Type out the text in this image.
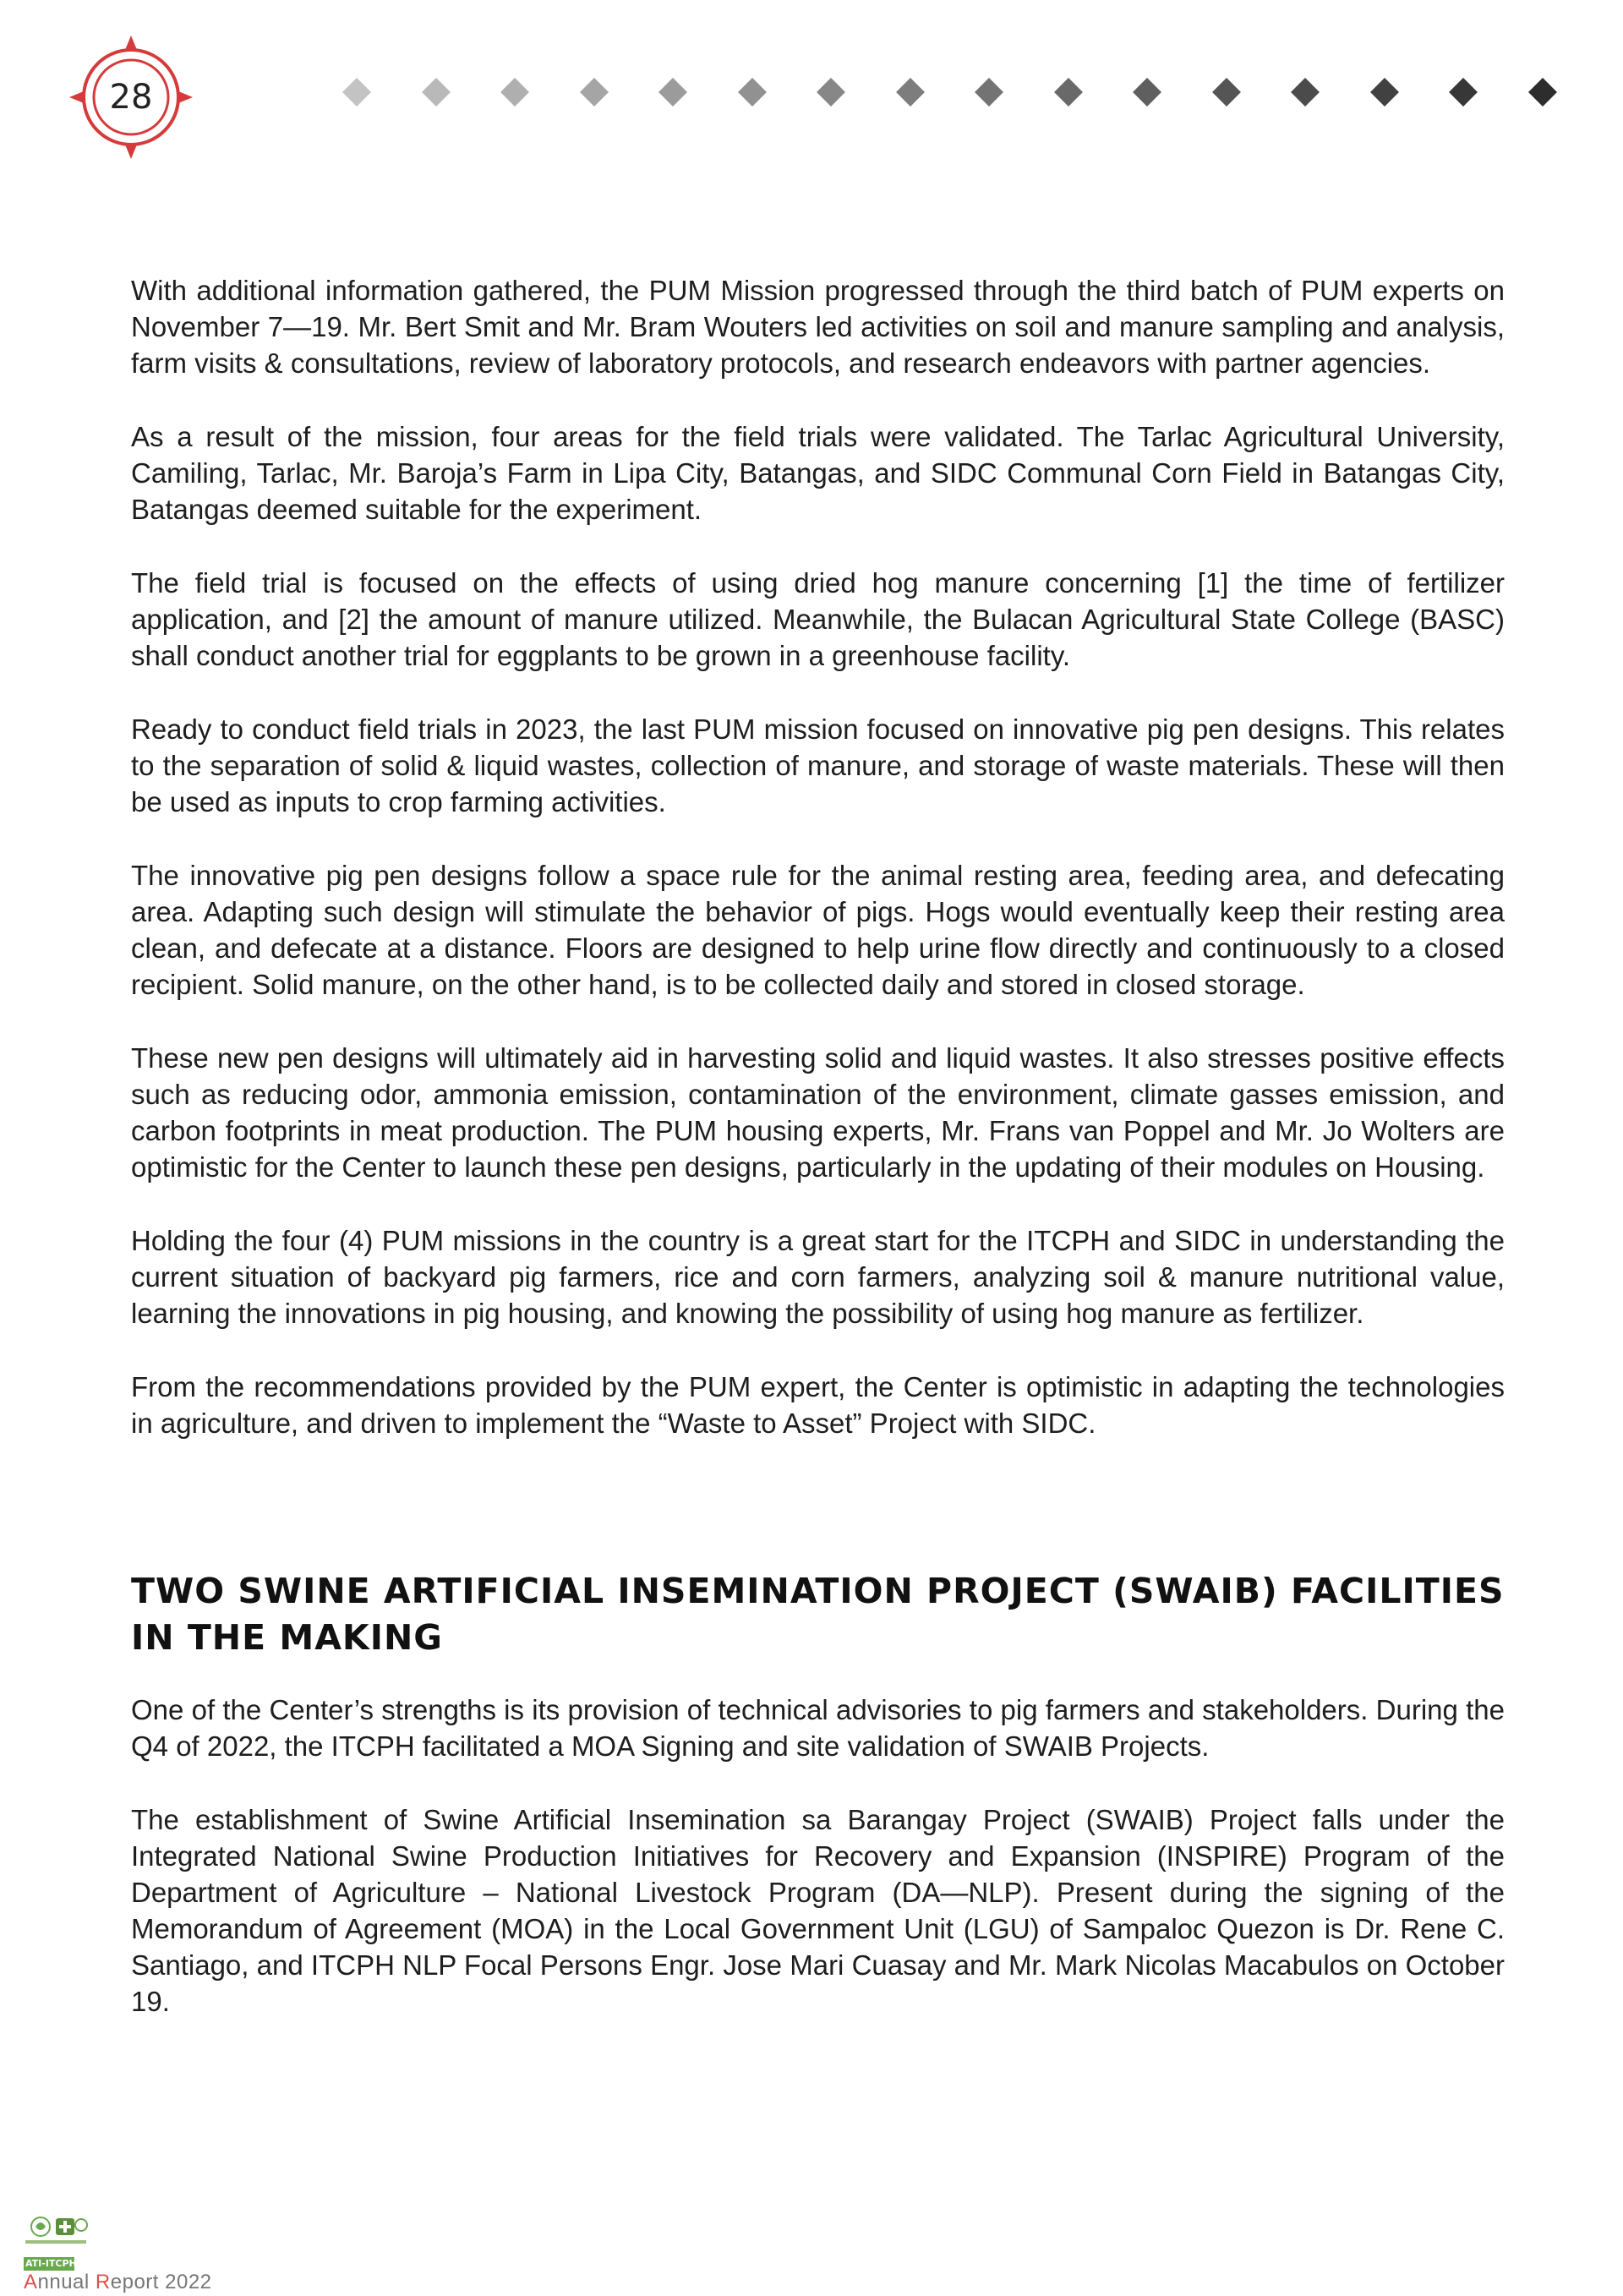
28

With additional information gathered, the PUM Mission progressed through the third batch of PUM experts on November 7—19. Mr. Bert Smit and Mr. Bram Wouters led activities on soil and manure sampling and analysis, farm visits & consultations, review of laboratory protocols, and research endeavors with partner agencies.

As a result of the mission, four areas for the field trials were validated. The Tarlac Agricultural University, Camiling, Tarlac, Mr. Baroja’s Farm in Lipa City, Batangas, and SIDC Communal Corn Field in Batangas City, Batangas deemed suitable for the experiment.

The field trial is focused on the effects of using dried hog manure concerning [1] the time of fertilizer application, and [2] the amount of manure utilized. Meanwhile, the Bulacan Agricultural State College (BASC) shall conduct another trial for eggplants to be grown in a greenhouse facility.

Ready to conduct field trials in 2023, the last PUM mission focused on innovative pig pen designs. This relates to the separation of solid & liquid wastes, collection of manure, and storage of waste materials. These will then be used as inputs to crop farming activities.

The innovative pig pen designs follow a space rule for the animal resting area, feeding area, and defecating area. Adapting such design will stimulate the behavior of pigs. Hogs would eventually keep their resting area clean, and defecate at a distance. Floors are designed to help urine flow directly and continuously to a closed recipient. Solid manure, on the other hand, is to be collected daily and stored in closed storage.

These new pen designs will ultimately aid in harvesting solid and liquid wastes. It also stresses positive effects such as reducing odor, ammonia emission, contamination of the environment, climate gasses emission, and carbon footprints in meat production. The PUM housing experts, Mr. Frans van Poppel and Mr. Jo Wolters are optimistic for the Center to launch these pen designs, particularly in the updating of their modules on Housing.

Holding the four (4) PUM missions in the country is a great start for the ITCPH and SIDC in understanding the current situation of backyard pig farmers, rice and corn farmers, analyzing soil & manure nutritional value, learning the innovations in pig housing, and knowing the possibility of using hog manure as fertilizer.

From the recommendations provided by the PUM expert, the Center is optimistic in adapting the technologies in agriculture, and driven to implement the “Waste to Asset” Project with SIDC.

TWO SWINE ARTIFICIAL INSEMINATION PROJECT (SWAIB) FACILITIES IN THE MAKING

One of the Center’s strengths is its provision of technical advisories to pig farmers and stakeholders. During the Q4 of 2022, the ITCPH facilitated a MOA Signing and site validation of SWAIB Projects.

The establishment of Swine Artificial Insemination sa Barangay Project (SWAIB) Project falls under the Integrated National Swine Production Initiatives for Recovery and Expansion (INSPIRE) Program of the Department of Agriculture – National Livestock Program (DA—NLP). Present during the signing of the Memorandum of Agreement (MOA) in the Local Government Unit (LGU) of Sampaloc Quezon is Dr. Rene C. Santiago, and ITCPH NLP Focal Persons Engr. Jose Mari Cuasay and Mr. Mark Nicolas Macabulos on October 19.

ATI-ITCPH
Annual Report 2022
